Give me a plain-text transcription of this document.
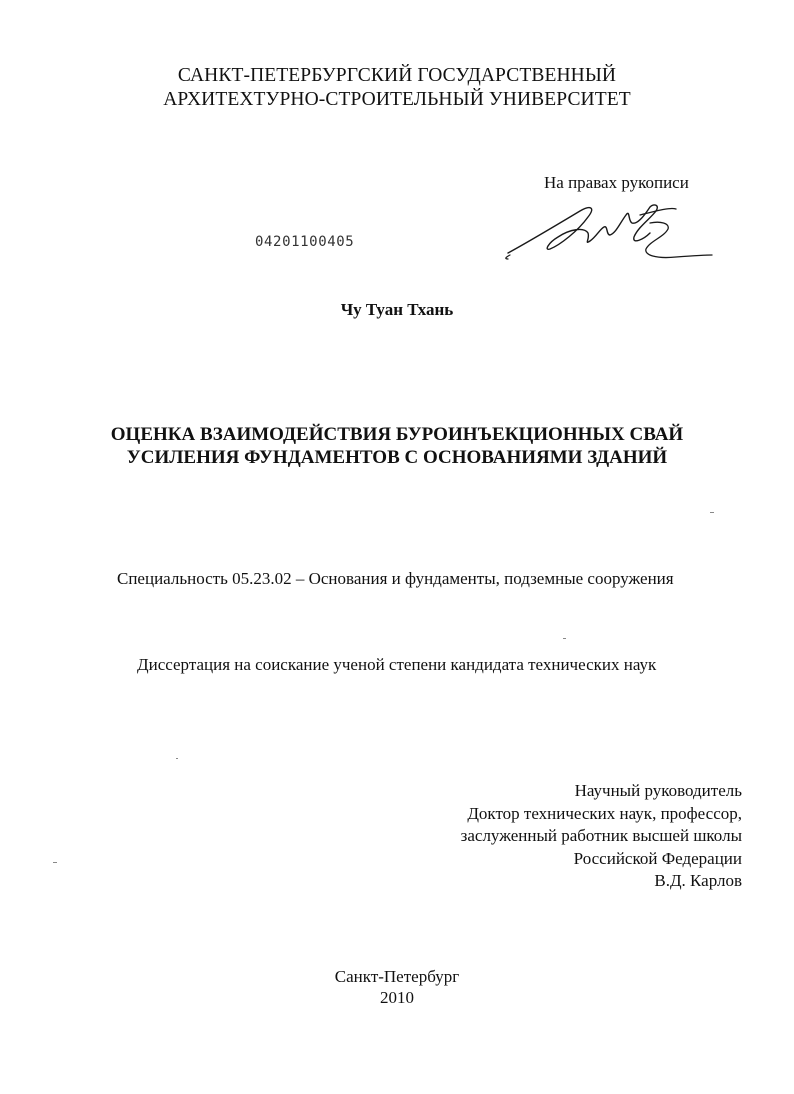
САНКТ-ПЕТЕРБУРГСКИЙ ГОСУДАРСТВЕННЫЙ
АРХИТЕХТУРНО-СТРОИТЕЛЬНЫЙ УНИВЕРСИТЕТ
На правах рукописи
04201100405
Чу Туан Тхань
ОЦЕНКА ВЗАИМОДЕЙСТВИЯ БУРОИНЪЕКЦИОННЫХ СВАЙ
УСИЛЕНИЯ ФУНДАМЕНТОВ С ОСНОВАНИЯМИ ЗДАНИЙ
Специальность 05.23.02 – Основания и фундаменты, подземные сооружения
Диссертация на соискание ученой степени кандидата технических наук
Научный руководитель
Доктор технических наук, профессор,
заслуженный работник высшей школы
Российской Федерации
В.Д. Карлов
Санкт-Петербург
2010
